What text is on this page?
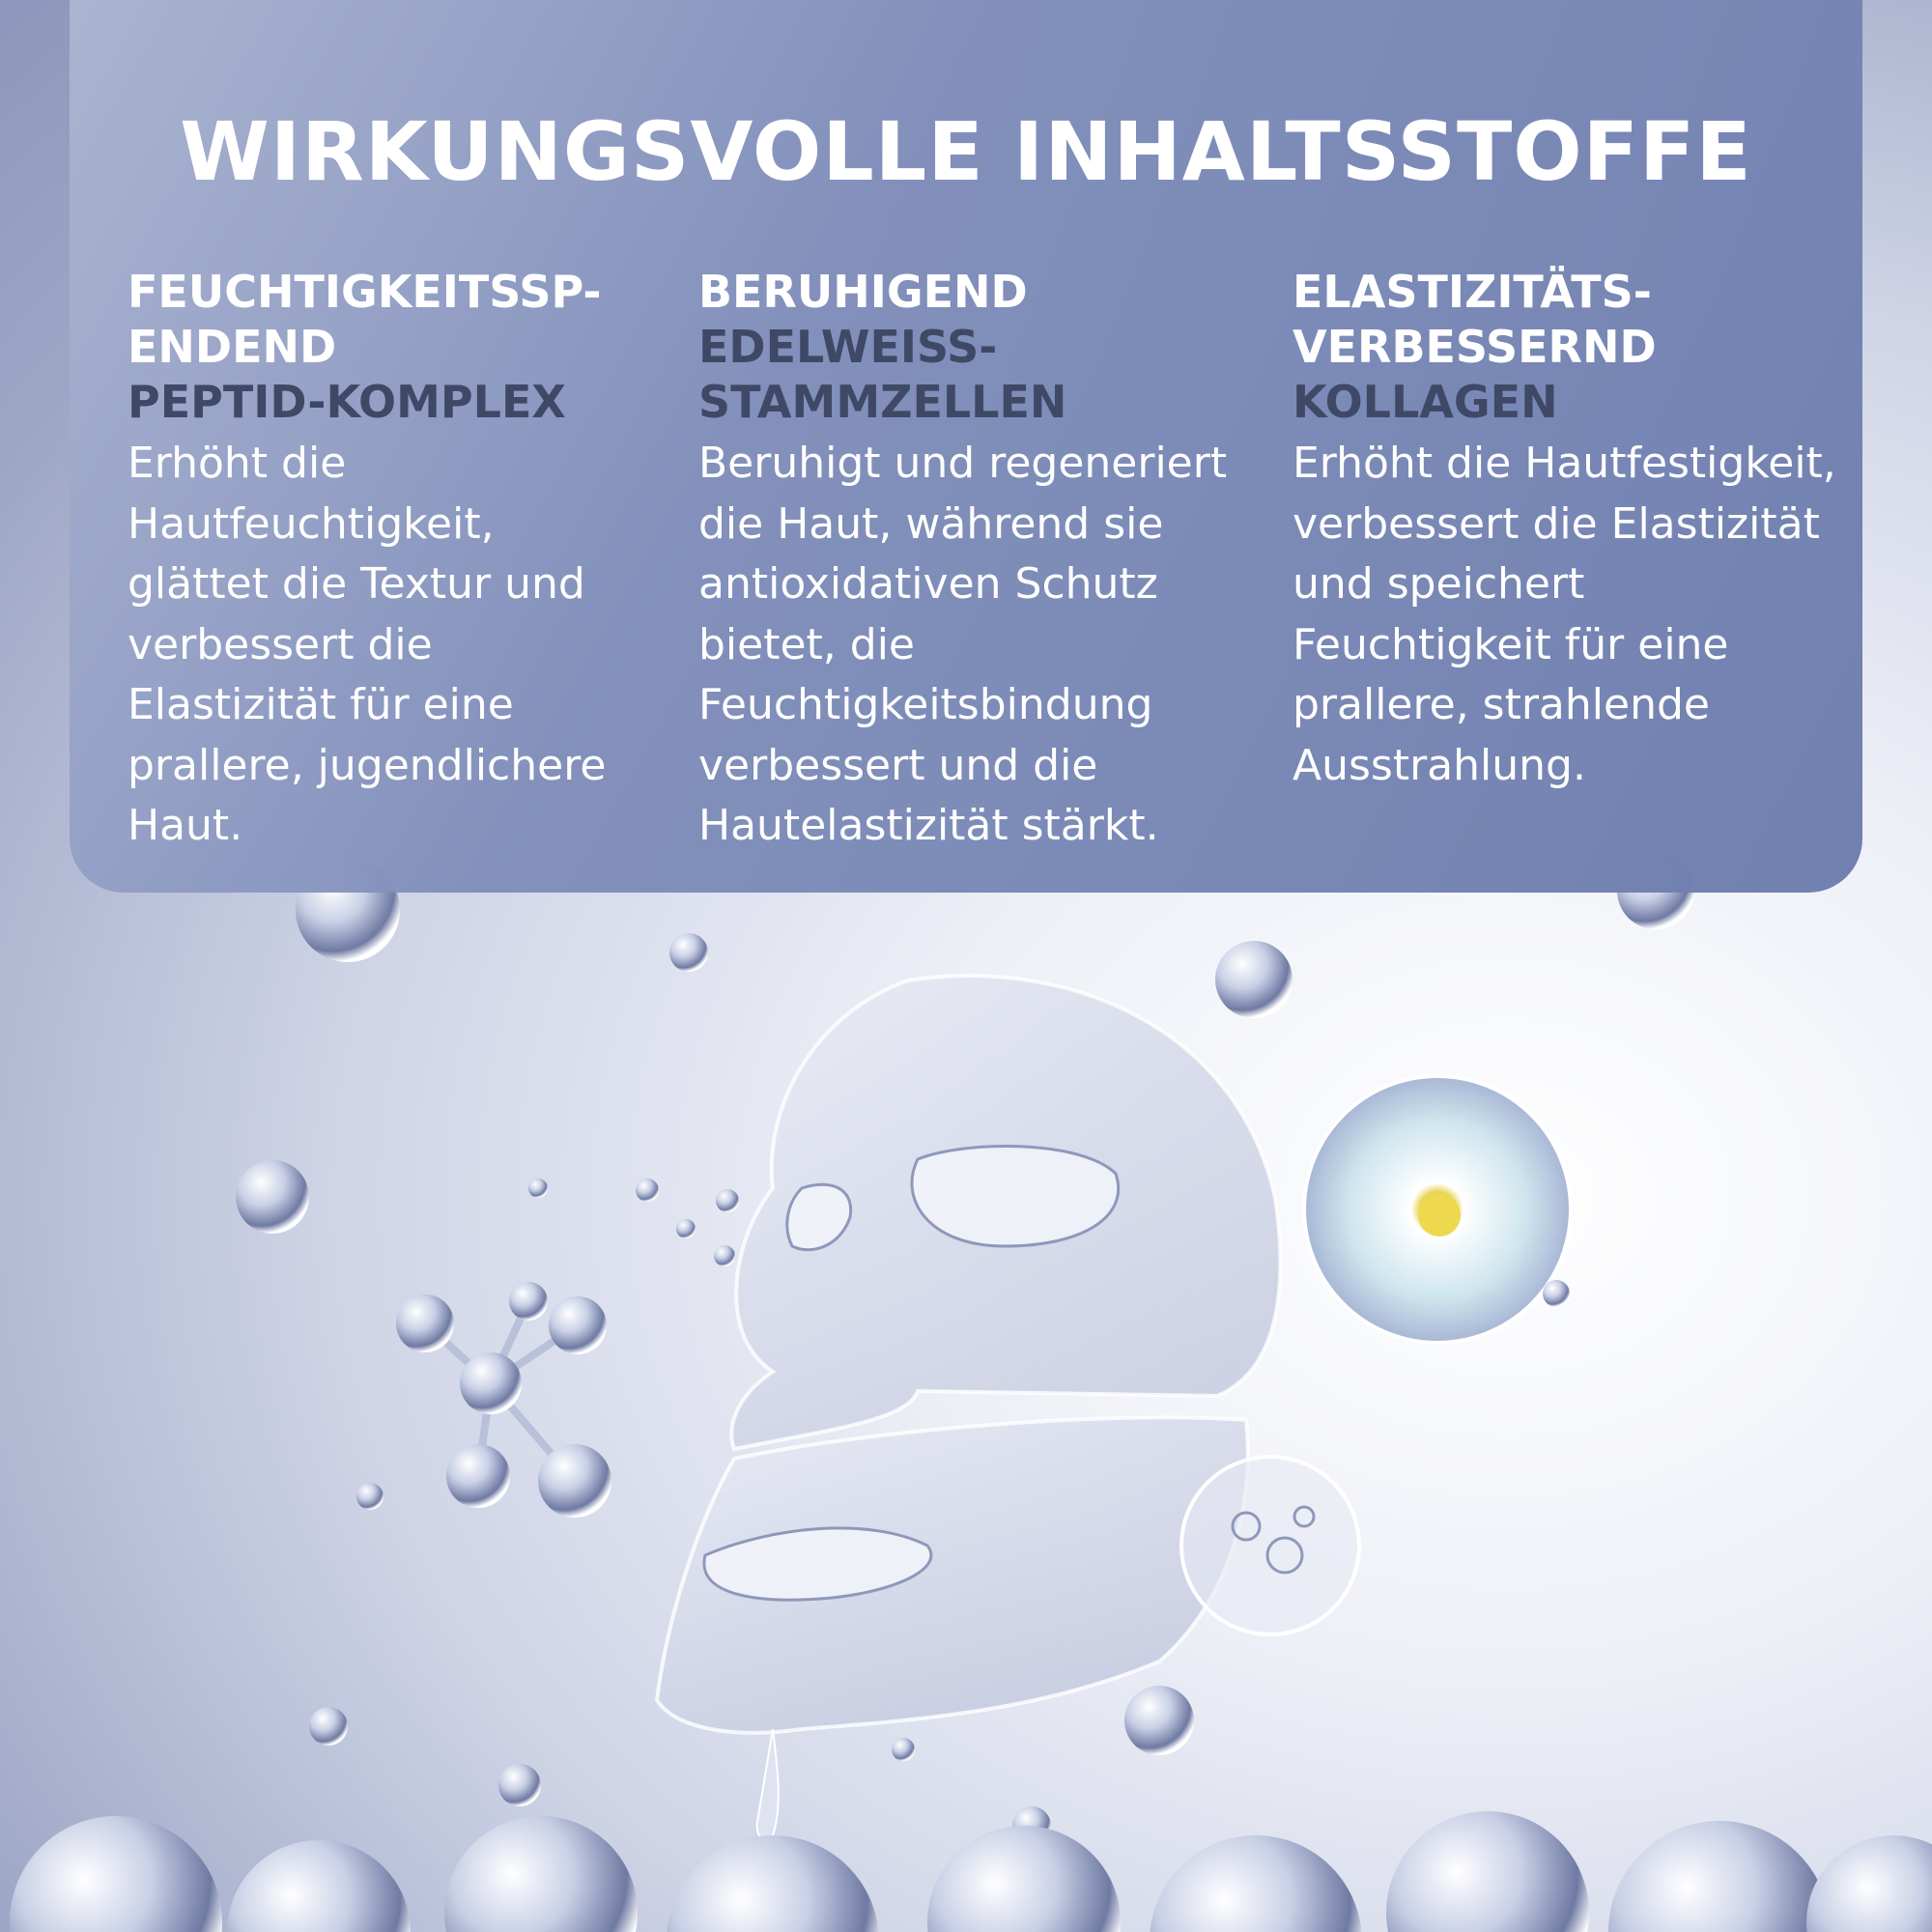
WIRKUNGSVOLLE INHALTSSTOFFE
FEUCHTIGKEITSSP-
ENDEND
PEPTID-KOMPLEX
Erhöht die
Hautfeuchtigkeit,
glättet die Textur und
verbessert die
Elastizität für eine
prallere, jugendlichere
Haut.
BERUHIGEND
EDELWEISS-
STAMMZELLEN
Beruhigt und regeneriert
die Haut, während sie
antioxidativen Schutz
bietet, die
Feuchtigkeitsbindung
verbessert und die
Hautelastizität stärkt.
ELASTIZITÄTS-
VERBESSERND
KOLLAGEN
Erhöht die Hautfestigkeit,
verbessert die Elastizität
und speichert
Feuchtigkeit für eine
prallere, strahlende
Ausstrahlung.
